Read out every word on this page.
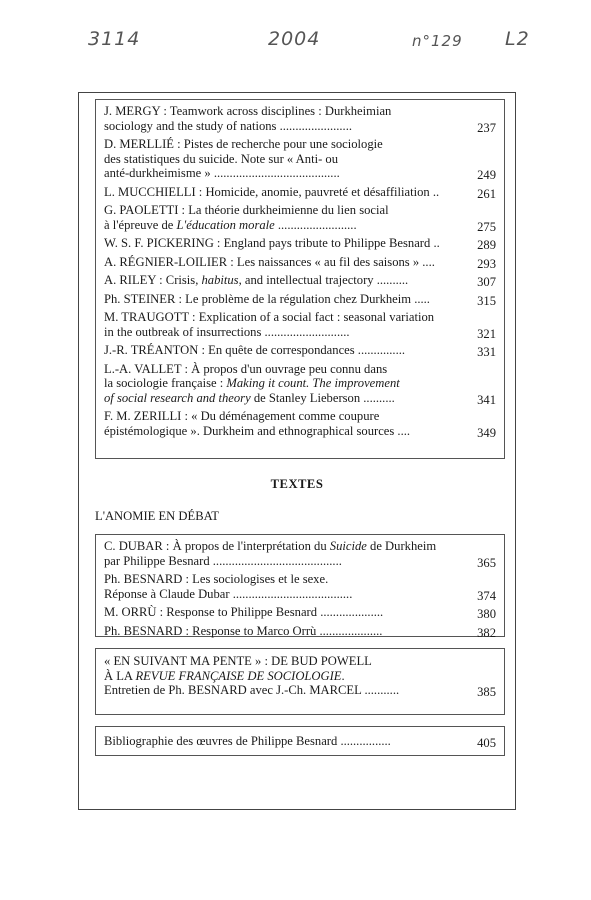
3114	2004	n°129 L2
J. MERGY : Teamwork across disciplines : Durkheimian
sociology and the study of nations .......................	237
D. MERLLIÉ : Pistes de recherche pour une sociologie
des statistiques du suicide. Note sur « Anti- ou
anté-durkheimisme » ........................................	249
L. MUCCHIELLI : Homicide, anomie, pauvreté et désaffiliation ..	261
G. PAOLETTI : La théorie durkheimienne du lien social
à l'épreuve de L'éducation morale .........................	275
W. S. F. PICKERING : England pays tribute to Philippe Besnard ..	289
A. RÉGNIER-LOILIER : Les naissances « au fil des saisons » ....	293
A. RILEY : Crisis, habitus, and intellectual trajectory ..........	307
Ph. STEINER : Le problème de la régulation chez Durkheim .....	315
M. TRAUGOTT : Explication of a social fact : seasonal variation
in the outbreak of insurrections ...........................	321
J.-R. TRÉANTON : En quête de correspondances ...............	331
L.-A. VALLET : À propos d'un ouvrage peu connu dans
la sociologie française : Making it count. The improvement
of social research and theory de Stanley Lieberson ..........	341
F. M. ZERILLI : « Du déménagement comme coupure
épistémologique ». Durkheim and ethnographical sources ....	349
TEXTES
L'ANOMIE EN DÉBAT
C. DUBAR : À propos de l'interprétation du Suicide de Durkheim
par Philippe Besnard .........................................	365
Ph. BESNARD : Les sociologises et le sexe.
Réponse à Claude Dubar ......................................	374
M. ORRÙ : Response to Philippe Besnard ....................	380
Ph. BESNARD : Response to Marco Orrù ....................	382
« EN SUIVANT MA PENTE » : DE BUD POWELL
À LA REVUE FRANÇAISE DE SOCIOLOGIE.
Entretien de Ph. BESNARD avec J.-Ch. MARCEL ...........	385
Bibliographie des œuvres de Philippe Besnard ................	405
